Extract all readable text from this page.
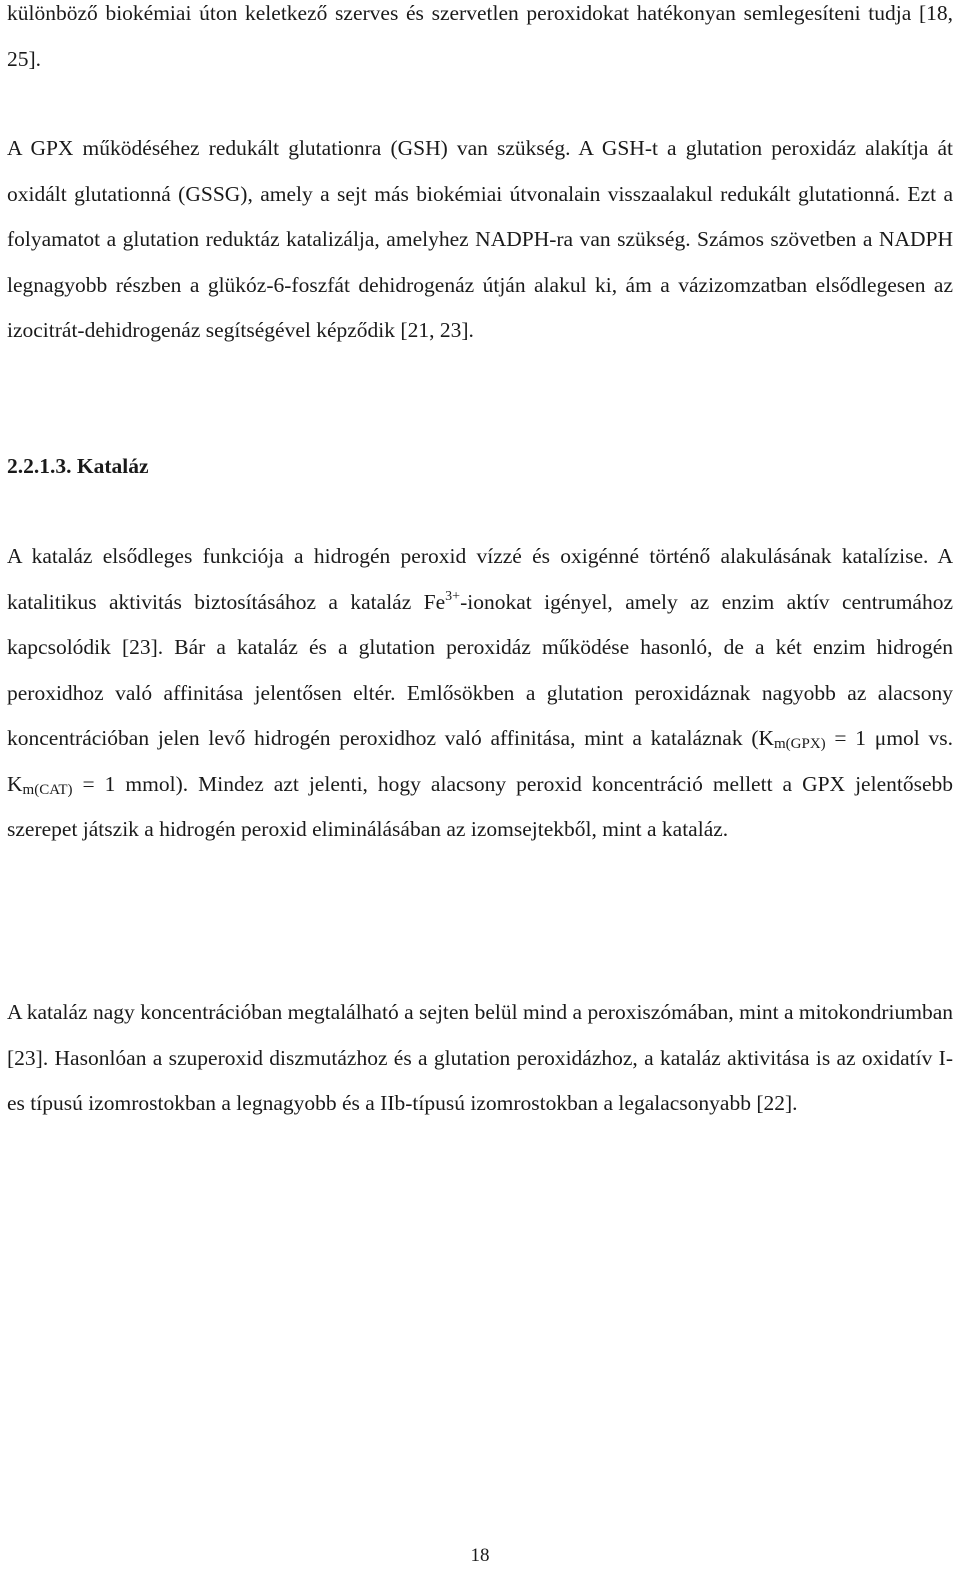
különböző biokémiai úton keletkező szerves és szervetlen peroxidokat hatékonyan semlegesíteni tudja [18, 25].

A GPX működéséhez redukált glutationra (GSH) van szükség. A GSH-t a glutation peroxidáz alakítja át oxidált glutationná (GSSG), amely a sejt más biokémiai útvonalain visszaalakul redukált glutationná. Ezt a folyamatot a glutation reduktáz katalizálja, amelyhez NADPH-ra van szükség. Számos szövetben a NADPH legnagyobb részben a glükóz-6-foszfát dehidrogenáz útján alakul ki, ám a vázizomzatban elsődlegesen az izocitrát-dehidrogenáz segítségével képződik [21, 23].

2.2.1.3. Kataláz

A kataláz elsődleges funkciója a hidrogén peroxid vízzé és oxigénné történő alakulásának katalízise. A katalitikus aktivitás biztosításához a kataláz $Fe^{3+}$-ionokat igényel, amely az enzim aktív centrumához kapcsolódik [23]. Bár a kataláz és a glutation peroxidáz működése hasonló, de a két enzim hidrogén peroxidhoz való affinitása jelentősen eltér. Emlősökben a glutation peroxidáznak nagyobb az alacsony koncentrációban jelen levő hidrogén peroxidhoz való affinitása, mint a kataláznak ($K_{m(GPX)} = 1$ μmol vs. $K_{m(CAT)} = 1$ mmol). Mindez azt jelenti, hogy alacsony peroxid koncentráció mellett a GPX jelentősebb szerepet játszik a hidrogén peroxid eliminálásában az izomsejtekből, mint a kataláz.

A kataláz nagy koncentrációban megtalálható a sejten belül mind a peroxiszómában, mint a mitokondriumban [23]. Hasonlóan a szuperoxid diszmutázhoz és a glutation peroxidázhoz, a kataláz aktivitása is az oxidatív I-es típusú izomrostokban a legnagyobb és a IIb-típusú izomrostokban a legalacsonyabb [22].

18
